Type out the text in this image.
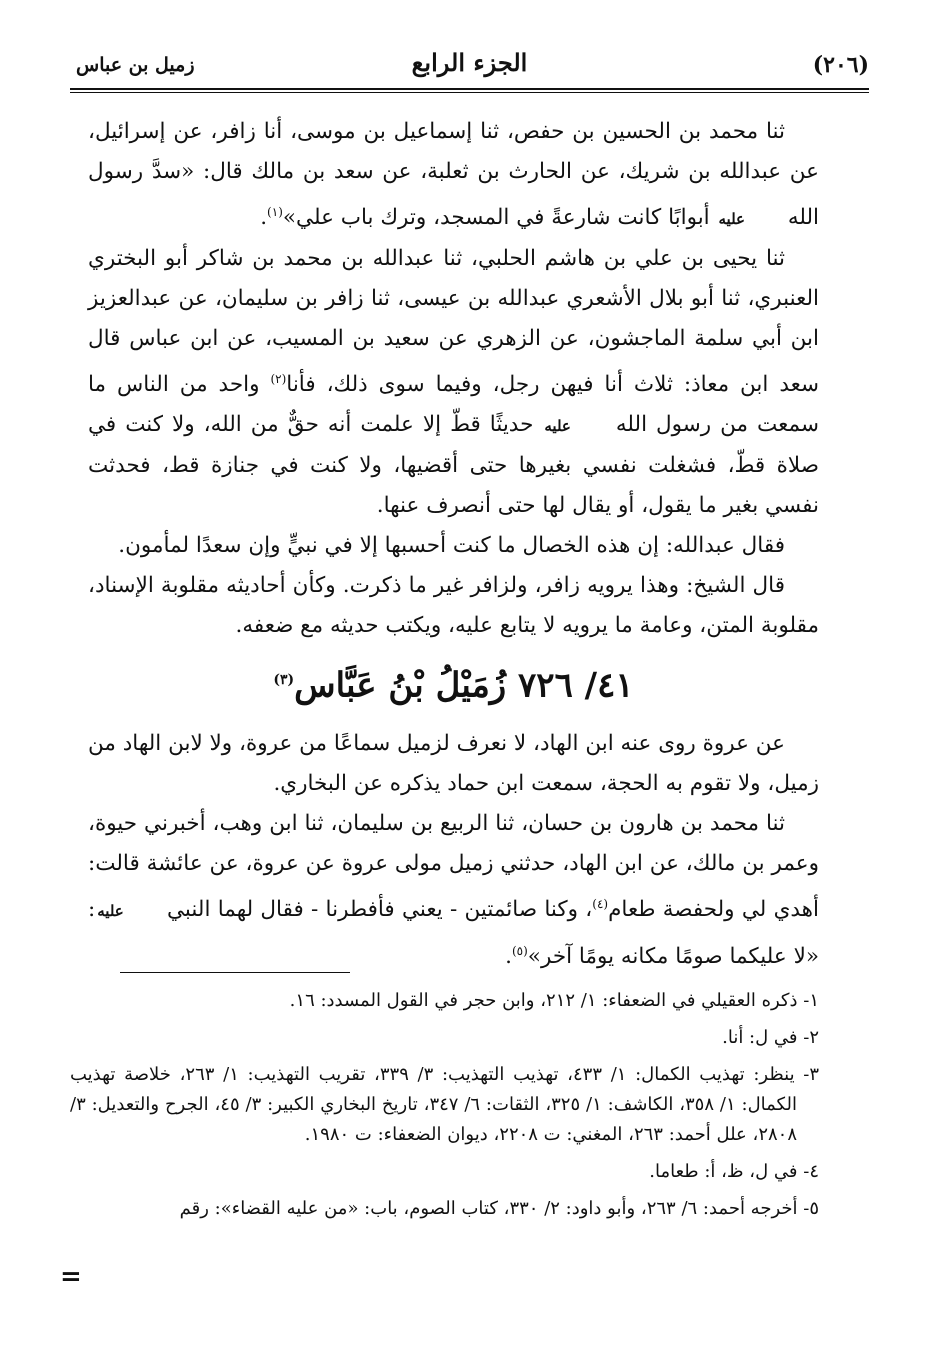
(٢٠٦)
الجزء الرابع
زميل بن عباس

ثنا محمد بن الحسين بن حفص، ثنا إسماعيل بن موسى، أنا زافر، عن إسرائيل، عن عبدالله بن شريك، عن الحارث بن ثعلبة، عن سعد بن مالك قال: «سدَّ رسول الله عليه أبوابًا كانت شارعةً في المسجد، وترك باب علي»$^{(١)}$.

ثنا يحيى بن علي بن هاشم الحلبي، ثنا عبدالله بن محمد بن شاكر أبو البختري العنبري، ثنا أبو بلال الأشعري عبدالله بن عيسى، ثنا زافر بن سليمان، عن عبدالعزيز ابن أبي سلمة الماجشون، عن الزهري عن سعيد بن المسيب، عن ابن عباس قال سعد ابن معاذ: ثلاث أنا فيهن رجل، وفيما سوى ذلك، فأنا$^{(٢)}$ واحد من الناس ما سمعت من رسول الله عليه حديثًا قطّ إلا علمت أنه حقٌّ من الله، ولا كنت في صلاة قطّ، فشغلت نفسي بغيرها حتى أقضيها، ولا كنت في جنازة قط، فحدثت نفسي بغير ما يقول، أو يقال لها حتى أنصرف عنها.

فقال عبدالله: إن هذه الخصال ما كنت أحسبها إلا في نبيٍّ وإن سعدًا لمأمون.

قال الشيخ: وهذا يرويه زافر، ولزافر غير ما ذكرت. وكأن أحاديثه مقلوبة الإسناد، مقلوبة المتن، وعامة ما يرويه لا يتابع عليه، ويكتب حديثه مع ضعفه.

٤١/ ٧٢٦ زُمَيْلُ بْنُ عَبَّاس$^{(٣)}$

عن عروة روى عنه ابن الهاد، لا نعرف لزميل سماعًا من عروة، ولا لابن الهاد من زميل، ولا تقوم به الحجة، سمعت ابن حماد يذكره عن البخاري.

ثنا محمد بن هارون بن حسان، ثنا الربيع بن سليمان، ثنا ابن وهب، أخبرني حيوة، وعمر بن مالك، عن ابن الهاد، حدثني زميل مولى عروة عن عروة، عن عائشة قالت: أهدي لي ولحفصة طعام$^{(٤)}$، وكنا صائمتين - يعني فأفطرنا - فقال لهما النبي عليه: «لا عليكما صومًا مكانه يومًا آخر»$^{(٥)}$.

١- ذكره العقيلي في الضعفاء: ١/ ٢١٢، وابن حجر في القول المسدد: ١٦.

٢- في ل: أنا.

٣- ينظر: تهذيب الكمال: ١/ ٤٣٣، تهذيب التهذيب: ٣/ ٣٣٩، تقريب التهذيب: ١/ ٢٦٣، خلاصة تهذيب الكمال: ١/ ٣٥٨، الكاشف: ١/ ٣٢٥، الثقات: ٦/ ٣٤٧، تاريخ البخاري الكبير: ٣/ ٤٥، الجرح والتعديل: ٣/ ٢٨٠٨، علل أحمد: ٢٦٣، المغني: ت ٢٢٠٨، ديوان الضعفاء: ت ١٩٨٠.

٤- في ل، ظ، أ: طعاما.

٥- أخرجه أحمد: ٦/ ٢٦٣، وأبو داود: ٢/ ٣٣٠، كتاب الصوم، باب: «من عليه القضاء»: رقم

=
